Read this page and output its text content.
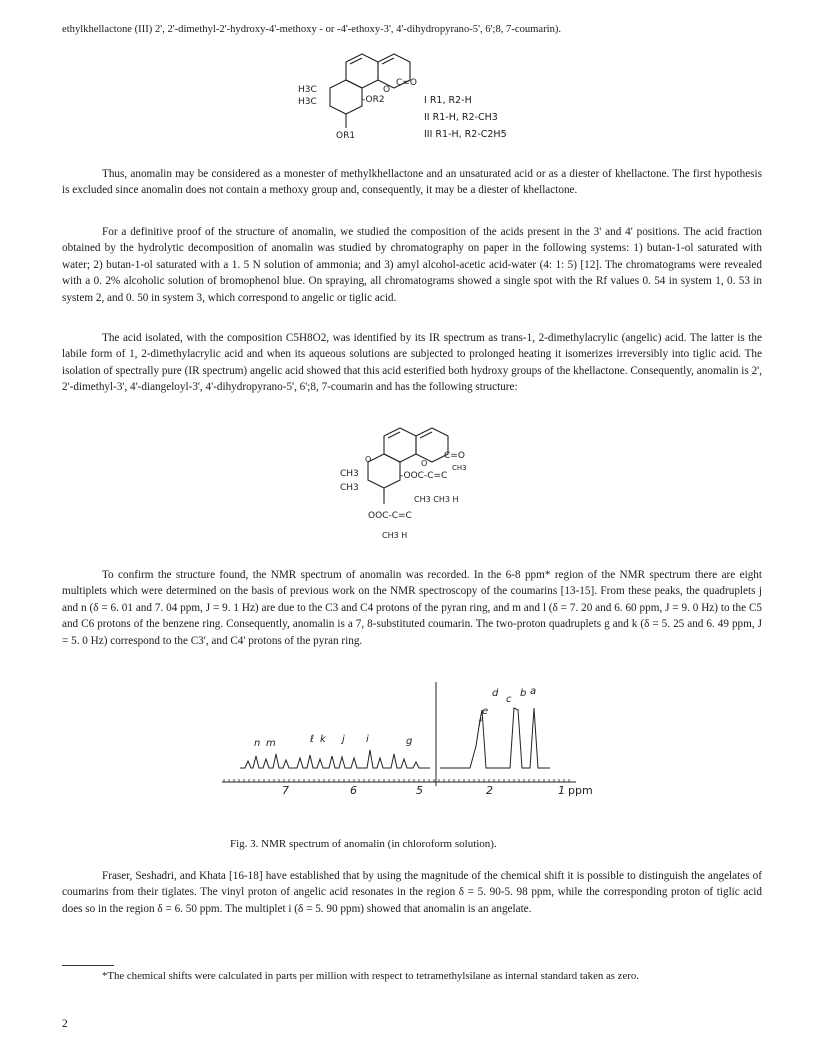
ethylkhellactone (III) 2', 2'-dimethyl-2'-hydroxy-4'-methoxy - or -4'-ethoxy-3', 4'-dihydropyrano-5', 6';8, 7-coumarin).
O
C=O
H3C
H3C	-OR2
OR1
I R1, R2-H
II R1-H, R2-CH3
III R1-H, R2-C2H5

Thus, anomalin may be considered as a monester of methylkhellactone and an unsaturated acid or as a diester of khellactone. The first hypothesis is excluded since anomalin does not contain a methoxy group and, consequently, it may be a diester of khellactone.

For a definitive proof of the structure of anomalin, we studied the composition of the acids present in the 3' and 4' positions. The acid fraction obtained by the hydrolytic decomposition of anomalin was studied by chromatography on paper in the following systems: 1) butan-1-ol saturated with water; 2) butan-1-ol saturated with a 1. 5 N solution of ammonia; and 3) amyl alcohol-acetic acid-water (4: 1: 5) [12]. The chromatograms were revealed with a 0. 2% alcoholic solution of bromophenol blue. On spraying, all chromatograms showed a single spot with the Rf values 0. 54 in system 1, 0. 53 in system 2, and 0. 50 in system 3, which correspond to angelic or tiglic acid.

The acid isolated, with the composition C5H8O2, was identified by its IR spectrum as trans-1, 2-dimethylacrylic (angelic) acid. The latter is the labile form of 1, 2-dimethylacrylic acid and when its aqueous solutions are subjected to prolonged heating it isomerizes irreversibly into tiglic acid. The isolation of spectrally pure (IR spectrum) angelic acid showed that this acid esterified both hydroxy groups of the khellactone. Consequently, anomalin is 2', 2'-dimethyl-3', 4'-diangeloyl-3', 4'-dihydropyrano-5', 6';8, 7-coumarin and has the following structure:

O	O
C=O
CH3
CH3
CH3
-OOC-C=C
CH3 CH3 H
OOC-C=C
CH3 H

To confirm the structure found, the NMR spectrum of anomalin was recorded. In the 6-8 ppm* region of the NMR spectrum there are eight multiplets which were determined on the basis of previous work on the NMR spectroscopy of the coumarins [13-15]. From these peaks, the quadruplets j and n (δ = 6. 01 and 7. 04 ppm, J = 9. 1 Hz) are due to the C3 and C4 protons of the pyran ring, and m and l (δ = 7. 20 and 6. 60 ppm, J = 9. 0 Hz) to the C5 and C6 protons of the benzene ring. Consequently, anomalin is a 7, 8-substituted coumarin. The two-proton quadruplets g and k (δ = 5. 25 and 6. 49 ppm, J = 5. 0 Hz) correspond to the C3', and C4' protons of the pyran ring.

7	6	5	2	1 ppm
n m	ℓ k j i	g
f
e
d
c
b a
Fig. 3. NMR spectrum of anomalin (in chloroform solution).

Fraser, Seshadri, and Khata [16-18] have established that by using the magnitude of the chemical shift it is possible to distinguish the angelates of coumarins from their tiglates. The vinyl proton of angelic acid resonates in the region δ = 5. 90-5. 98 ppm, while the corresponding proton of tiglic acid does so in the region δ = 6. 50 ppm. The multiplet i (δ = 5. 90 ppm) showed that anomalin is an angelate.

*The chemical shifts were calculated in parts per million with respect to tetramethylsilane as internal standard taken as zero.

2
